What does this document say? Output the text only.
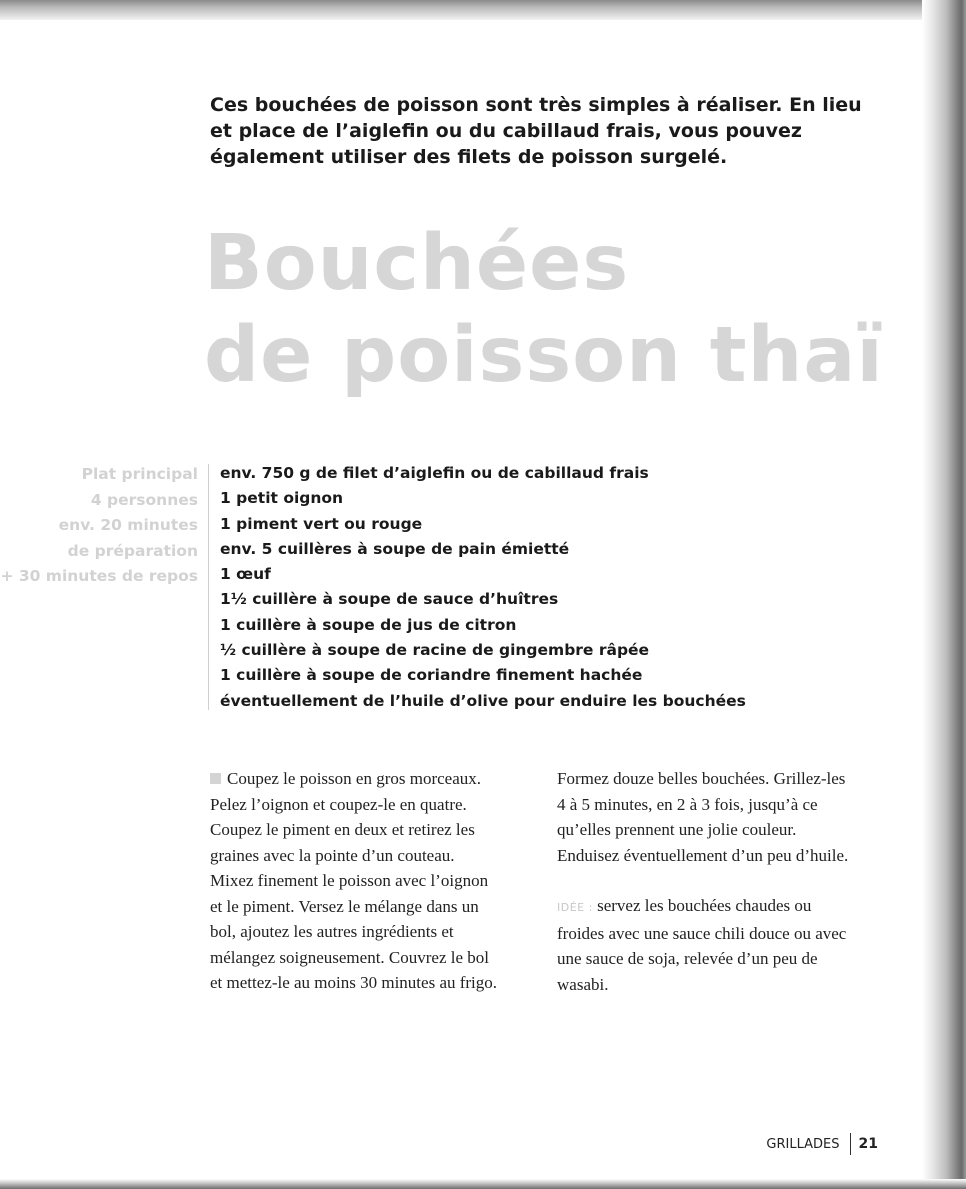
Ces bouchées de poisson sont très simples à réaliser. En lieu et place de l’aiglefin ou du cabillaud frais, vous pouvez également utiliser des filets de poisson surgelé.

Bouchées
de poisson thaï
Plat principal
4 personnes
env. 20 minutes
de préparation
+ 30 minutes de repos
env. 750 g de filet d’aiglefin ou de cabillaud frais
1 petit oignon
1 piment vert ou rouge
env. 5 cuillères à soupe de pain émietté
1 œuf
1½ cuillère à soupe de sauce d’huîtres
1 cuillère à soupe de jus de citron
½ cuillère à soupe de racine de gingembre râpée
1 cuillère à soupe de coriandre finement hachée
éventuellement de l’huile d’olive pour enduire les bouchées
Coupez le poisson en gros morceaux.
Pelez l’oignon et coupez-le en quatre.
Coupez le piment en deux et retirez les
graines avec la pointe d’un couteau.
Mixez finement le poisson avec l’oignon
et le piment. Versez le mélange dans un
bol, ajoutez les autres ingrédients et
mélangez soigneusement. Couvrez le bol
et mettez-le au moins 30 minutes au frigo.
Formez douze belles bouchées. Grillez-les
4 à 5 minutes, en 2 à 3 fois, jusqu’à ce
qu’elles prennent une jolie couleur.
Enduisez éventuellement d’un peu d’huile.
IDÉE : servez les bouchées chaudes ou
froides avec une sauce chili douce ou avec
une sauce de soja, relevée d’un peu de
wasabi.
GRILLADES 21
